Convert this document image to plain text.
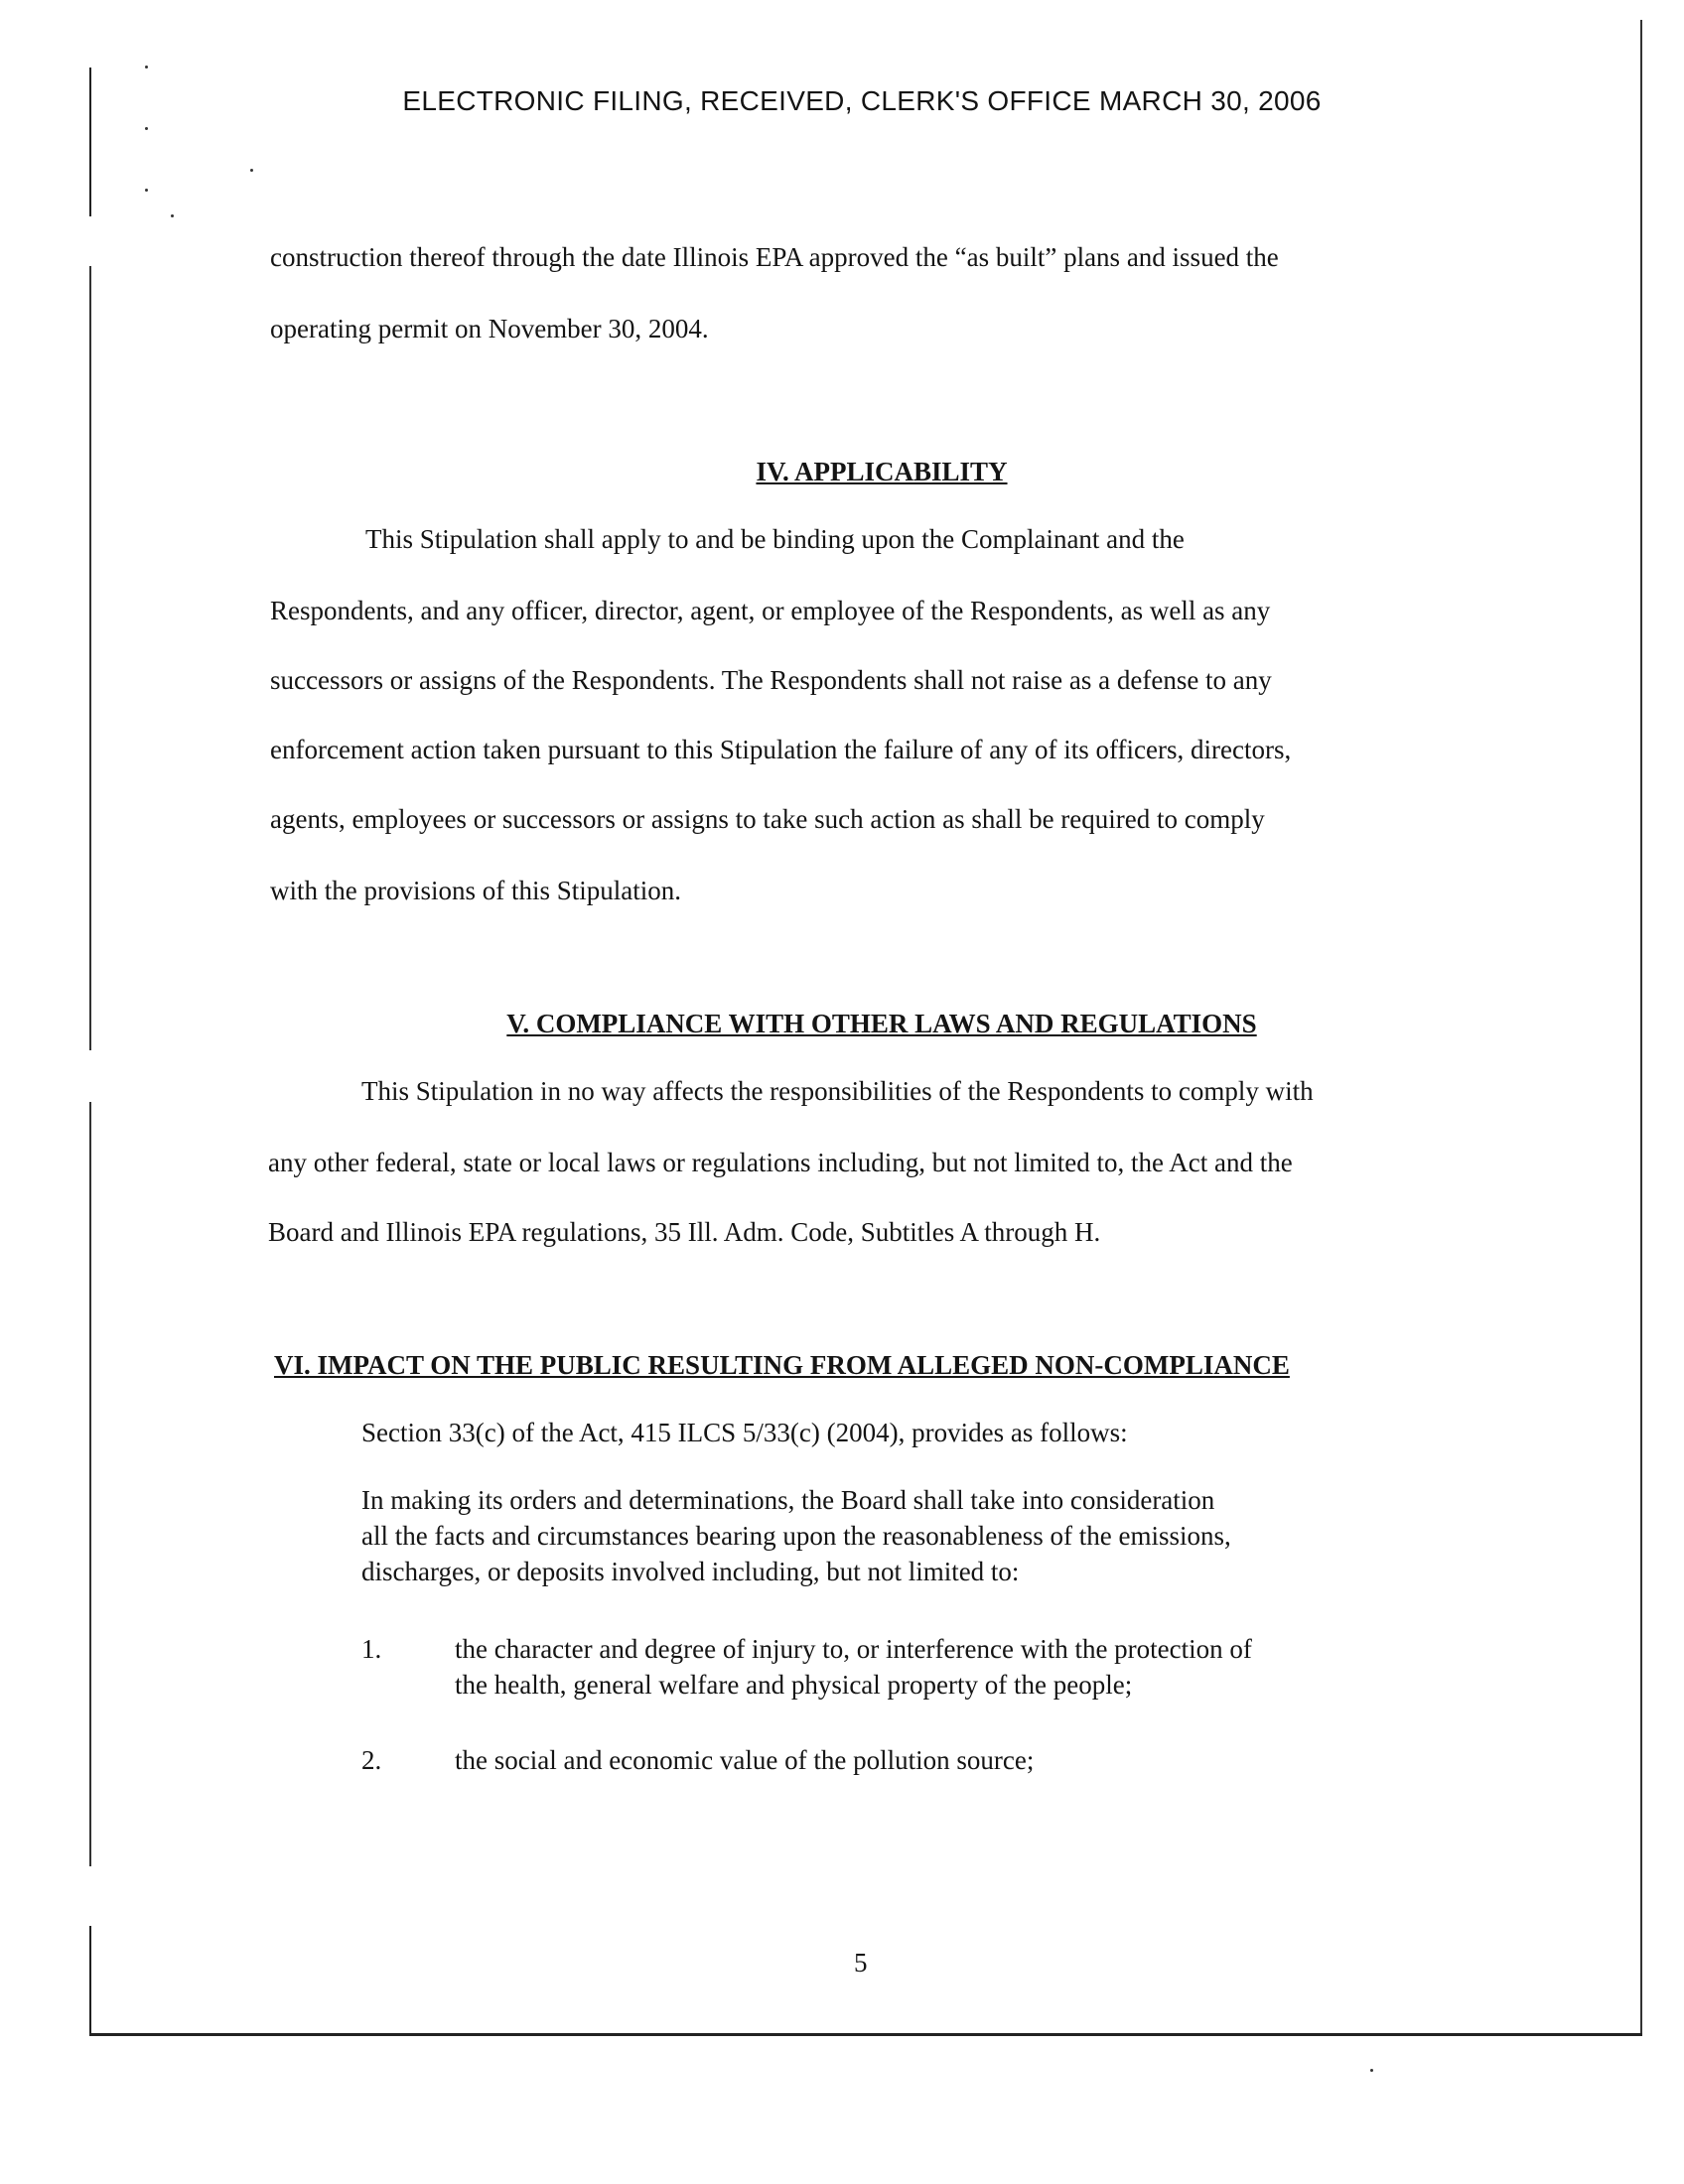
ELECTRONIC FILING, RECEIVED, CLERK'S OFFICE MARCH 30, 2006
construction thereof through the date Illinois EPA approved the “as built” plans and issued the
operating permit on November 30, 2004.
IV. APPLICABILITY
This Stipulation shall apply to and be binding upon the Complainant and the
Respondents, and any officer, director, agent, or employee of the Respondents, as well as any
successors or assigns of the Respondents. The Respondents shall not raise as a defense to any
enforcement action taken pursuant to this Stipulation the failure of any of its officers, directors,
agents, employees or successors or assigns to take such action as shall be required to comply
with the provisions of this Stipulation.
V. COMPLIANCE WITH OTHER LAWS AND REGULATIONS
This Stipulation in no way affects the responsibilities of the Respondents to comply with
any other federal, state or local laws or regulations including, but not limited to, the Act and the
Board and Illinois EPA regulations, 35 Ill. Adm. Code, Subtitles A through H.
VI. IMPACT ON THE PUBLIC RESULTING FROM ALLEGED NON-COMPLIANCE
Section 33(c) of the Act, 415 ILCS 5/33(c) (2004), provides as follows:
In making its orders and determinations, the Board shall take into consideration
all the facts and circumstances bearing upon the reasonableness of the emissions,
discharges, or deposits involved including, but not limited to:
1.	the character and degree of injury to, or interference with the protection of
the health, general welfare and physical property of the people;
2.	the social and economic value of the pollution source;
5
